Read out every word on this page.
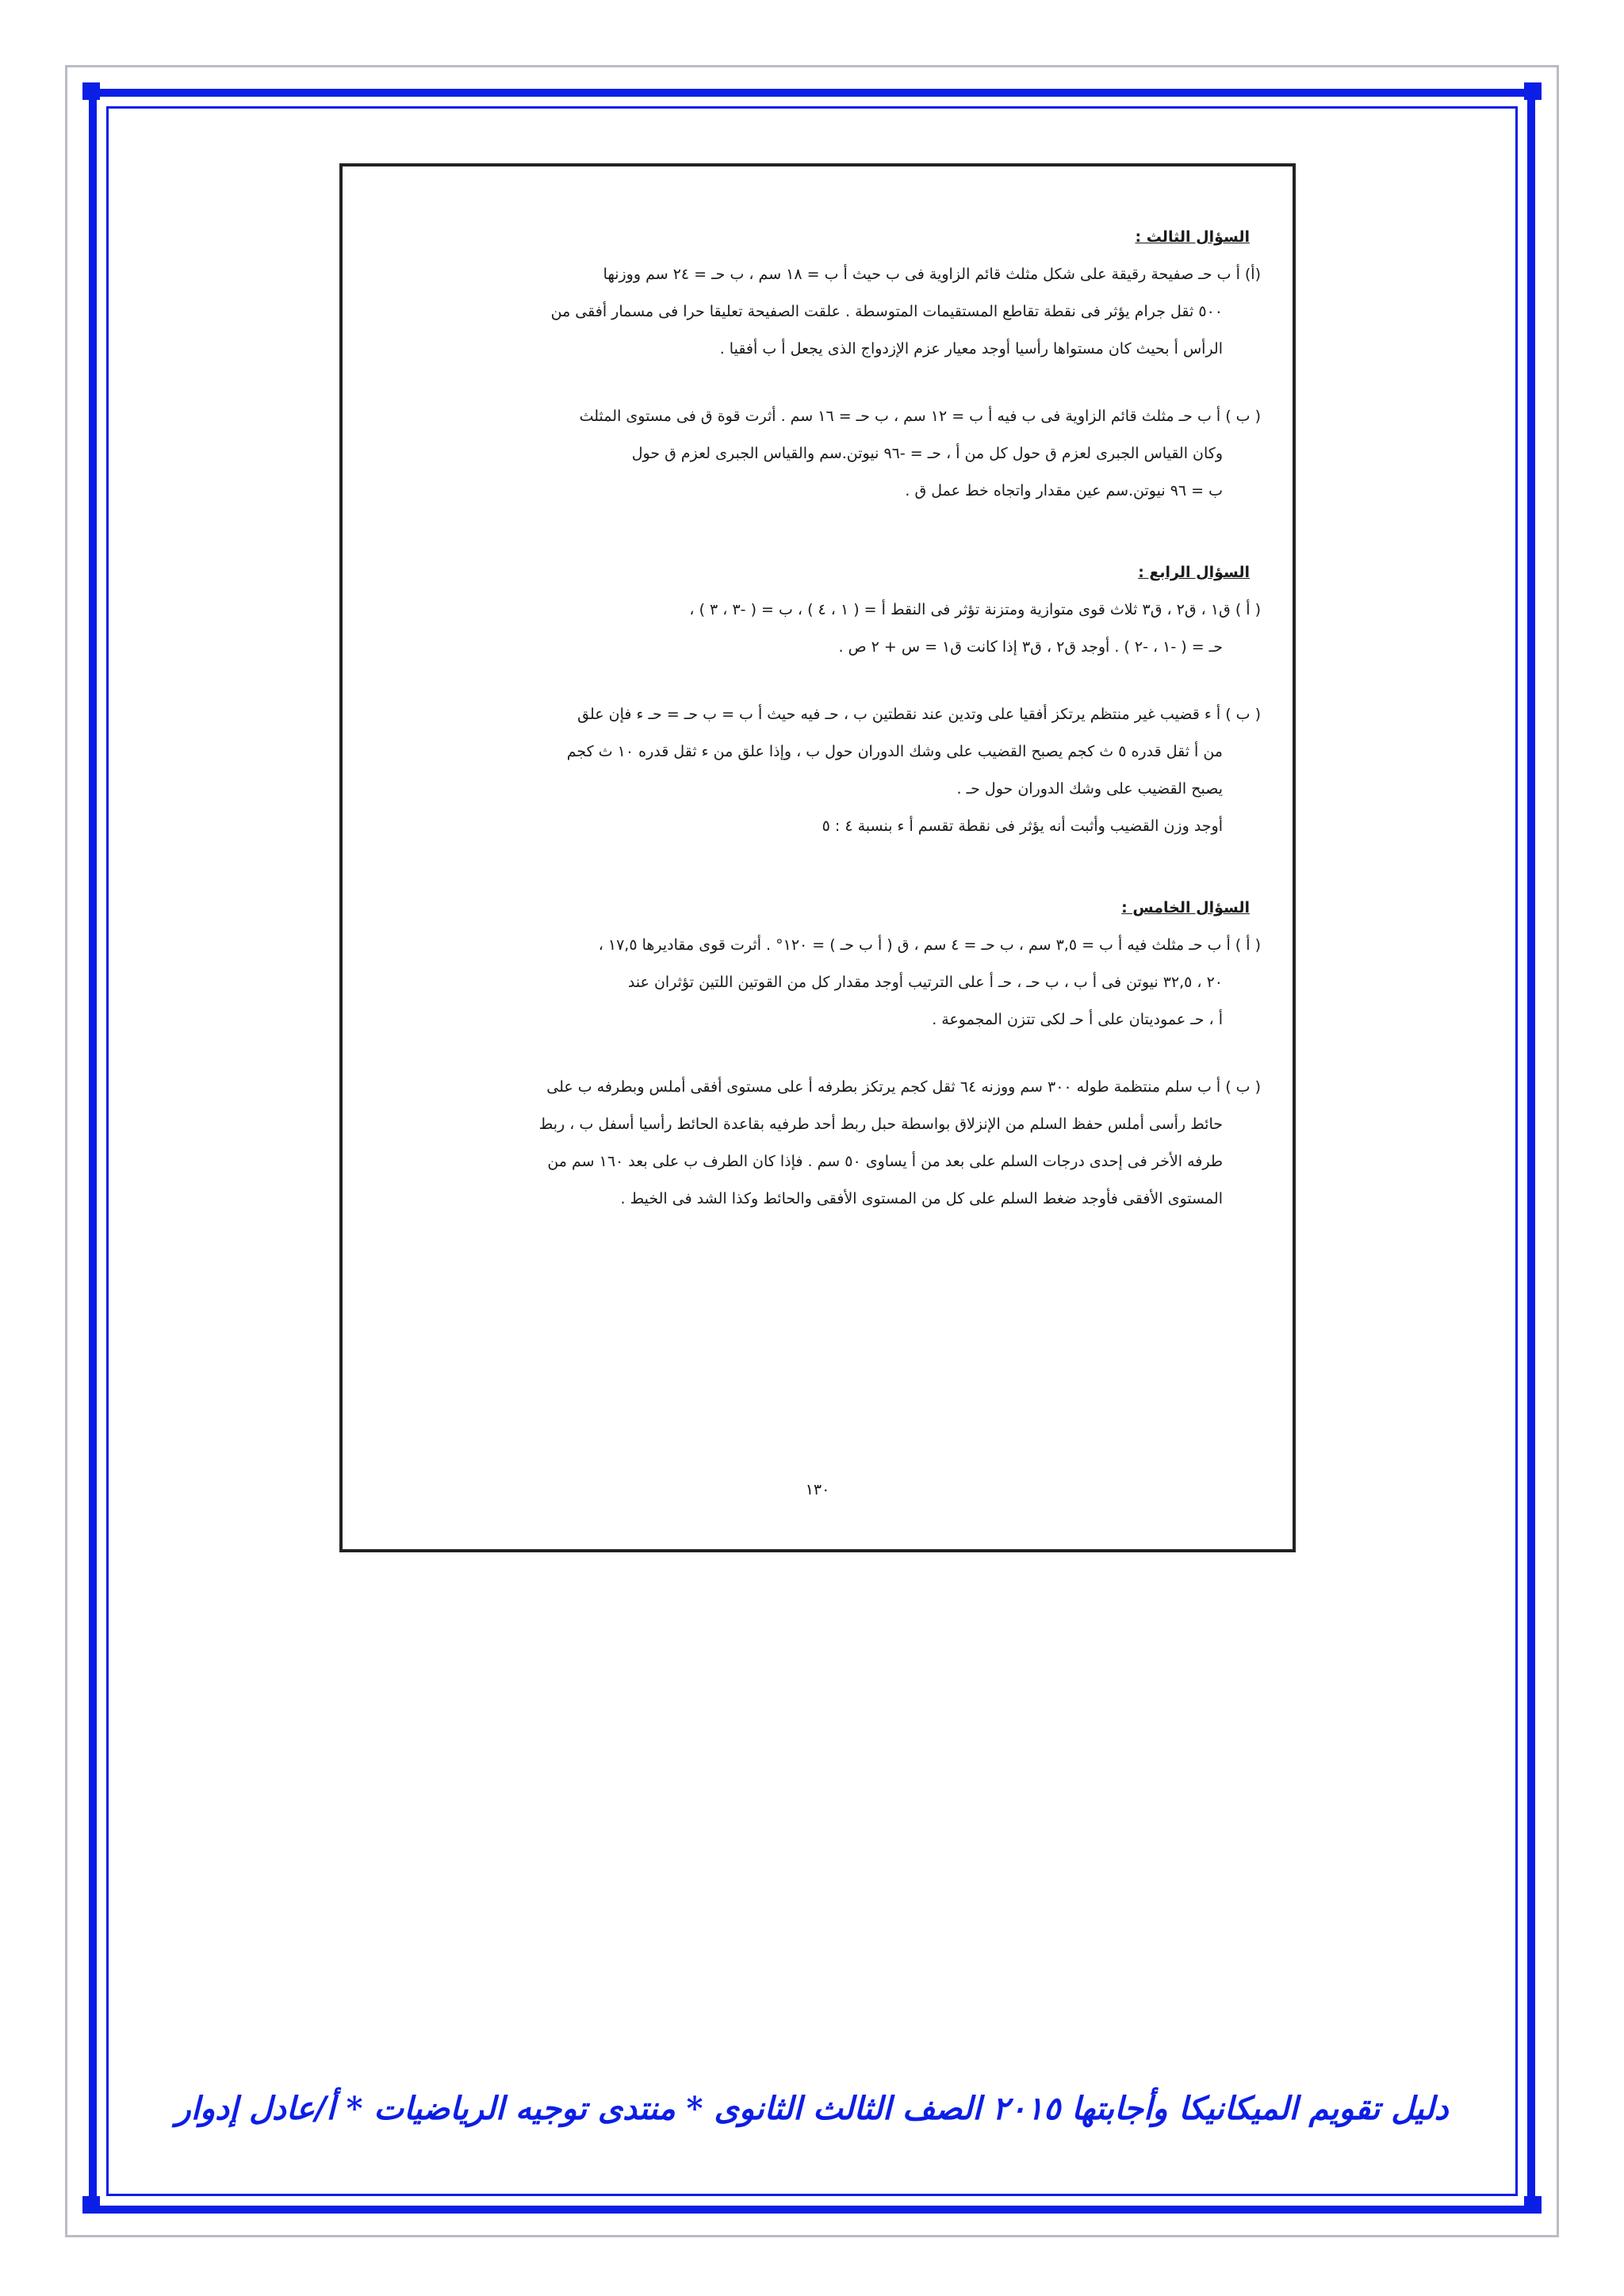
السؤال الثالث :

(أ) أ ب حـ صفيحة رقيقة على شكل مثلث قائم الزاوية فى ب حيث أ ب = ١٨ سم ، ب حـ = ٢٤ سم ووزنها

٥٠٠ ثقل جرام يؤثر فى نقطة تقاطع المستقيمات المتوسطة . علقت الصفيحة تعليقا حرا فى مسمار أفقى من

الرأس أ بحيث كان مستواها رأسيا أوجد معيار عزم الإزدواج الذى يجعل أ ب أفقيا .

( ب ) أ ب حـ مثلث قائم الزاوية فى ب فيه أ ب = ١٢ سم ، ب حـ = ١٦ سم . أثرت قوة ق فى مستوى المثلث

وكان القياس الجبرى لعزم ق حول كل من أ ، حـ = -٩٦ نيوتن.سم والقياس الجبرى لعزم ق حول

ب = ٩٦ نيوتن.سم عين مقدار واتجاه خط عمل ق .

السؤال الرابع :

( أ ) ق١ ، ق٢ ، ق٣ ثلاث قوى متوازية ومتزنة تؤثر فى النقط أ = ( ١ ، ٤ ) ، ب = ( -٣ ، ٣ ) ،

حـ = ( -١ ، -٢ ) . أوجد ق٢ ، ق٣ إذا كانت ق١ = س + ٢ ص .

( ب ) أ ء قضيب غير منتظم يرتكز أفقيا على وتدين عند نقطتين ب ، حـ فيه حيث أ ب = ب حـ = حـ ء فإن علق

من أ ثقل قدره ٥ ث كجم يصبح القضيب على وشك الدوران حول ب ، وإذا علق من ء ثقل قدره ١٠ ث كجم

يصبح القضيب على وشك الدوران حول حـ .

أوجد وزن القضيب وأثبت أنه يؤثر فى نقطة تقسم أ ء بنسبة ٤ : ٥

السؤال الخامس :

( أ ) أ ب حـ مثلث فيه أ ب = ٣,٥ سم ، ب حـ = ٤ سم ، ق ( أ ب حـ ) = ١٢٠° . أثرت قوى مقاديرها ١٧,٥ ،

٢٠ ، ٣٢,٥ نيوتن فى أ ب ، ب حـ ، حـ أ على الترتيب أوجد مقدار كل من القوتين اللتين تؤثران عند

أ ، حـ عموديتان على أ حـ لكى تتزن المجموعة .

( ب ) أ ب سلم منتظمة طوله ٣٠٠ سم ووزنه ٦٤ ثقل كجم يرتكز بطرفه أ على مستوى أفقى أملس وبطرفه ب على

حائط رأسى أملس حفظ السلم من الإنزلاق بواسطة حبل ربط أحد طرفيه بقاعدة الحائط رأسيا أسفل ب ، ربط

طرفه الأخر فى إحدى درجات السلم على بعد من أ يساوى ٥٠ سم . فإذا كان الطرف ب على بعد ١٦٠ سم من

المستوى الأفقى فأوجد ضغط السلم على كل من المستوى الأفقى والحائط وكذا الشد فى الخيط .

١٣٠
دليل تقويم الميكانيكا وأجابتها ٢٠١٥ الصف الثالث الثانوى * منتدى توجيه الرياضيات * أ/عادل إدوار
